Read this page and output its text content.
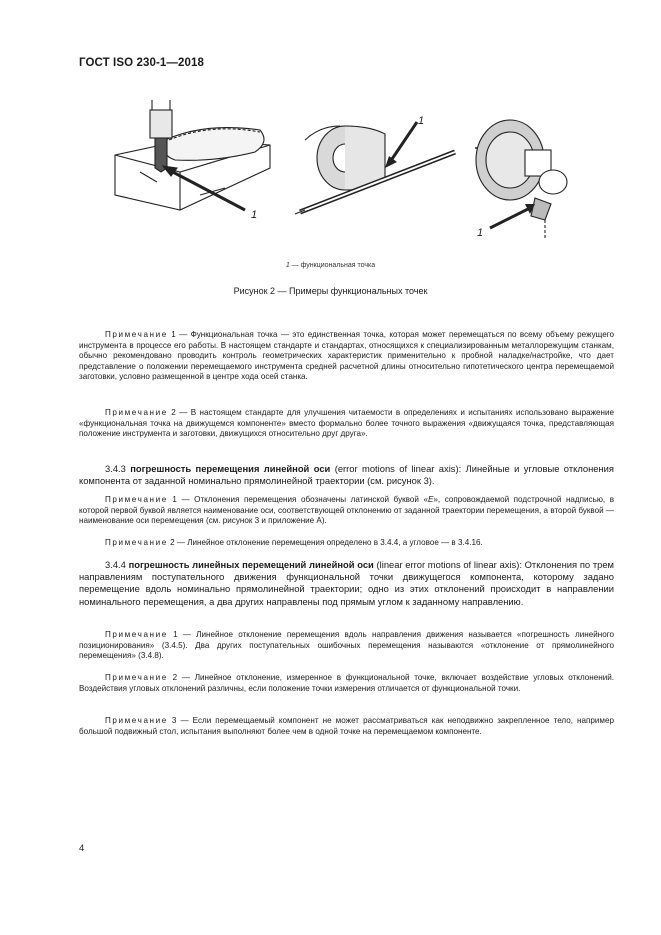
ГОСТ ISO 230-1—2018
1
1
1
1 — функциональная точка
Рисунок 2 — Примеры функциональных точек

Примечание 1 — Функциональная точка — это единственная точка, которая может перемещаться по всему объему режущего инструмента в процессе его работы. В настоящем стандарте и стандартах, относящихся к специализированным металлорежущим станкам, обычно рекомендовано проводить контроль геометрических характеристик применительно к пробной наладке/настройке, что дает представление о положении перемещаемого инструмента средней расчетной длины относительно гипотетического центра перемещаемой заготовки, условно размещенной в центре хода осей станка.

Примечание 2 — В настоящем стандарте для улучшения читаемости в определениях и испытаниях использовано выражение «функциональная точка на движущемся компоненте» вместо формально более точного выражения «движущаяся точка, представляющая положение инструмента и заготовки, движущихся относительно друг друга».

3.4.3 погрешность перемещения линейной оси (error motions of linear axis): Линейные и угловые отклонения компонента от заданной номинально прямолинейной траектории (см. рисунок 3).

Примечание 1 — Отклонения перемещения обозначены латинской буквой «E», сопровождаемой подстрочной надписью, в которой первой буквой является наименование оси, соответствующей отклонению от заданной траектории перемещения, а второй буквой — наименование оси перемещения (см. рисунок 3 и приложение А).

Примечание 2 — Линейное отклонение перемещения определено в 3.4.4, а угловое — в 3.4.16.

3.4.4 погрешность линейных перемещений линейной оси (linear error motions of linear axis): Отклонения по трем направлениям поступательного движения функциональной точки движущегося компонента, которому задано перемещение вдоль номинально прямолинейной траектории; одно из этих отклонений происходит в направлении номинального перемещения, а два других направлены под прямым углом к заданному направлению.

Примечание 1 — Линейное отклонение перемещения вдоль направления движения называется «погрешность линейного позиционирования» (3.4.5). Два других поступательных ошибочных перемещения называются «отклонение от прямолинейного перемещения» (3.4.8).

Примечание 2 — Линейное отклонение, измеренное в функциональной точке, включает воздействие угловых отклонений. Воздействия угловых отклонений различны, если положение точки измерения отличается от функциональной точки.

Примечание 3 — Если перемещаемый компонент не может рассматриваться как неподвижно закрепленное тело, например большой подвижный стол, испытания выполняют более чем в одной точке на перемещаемом компоненте.

4
